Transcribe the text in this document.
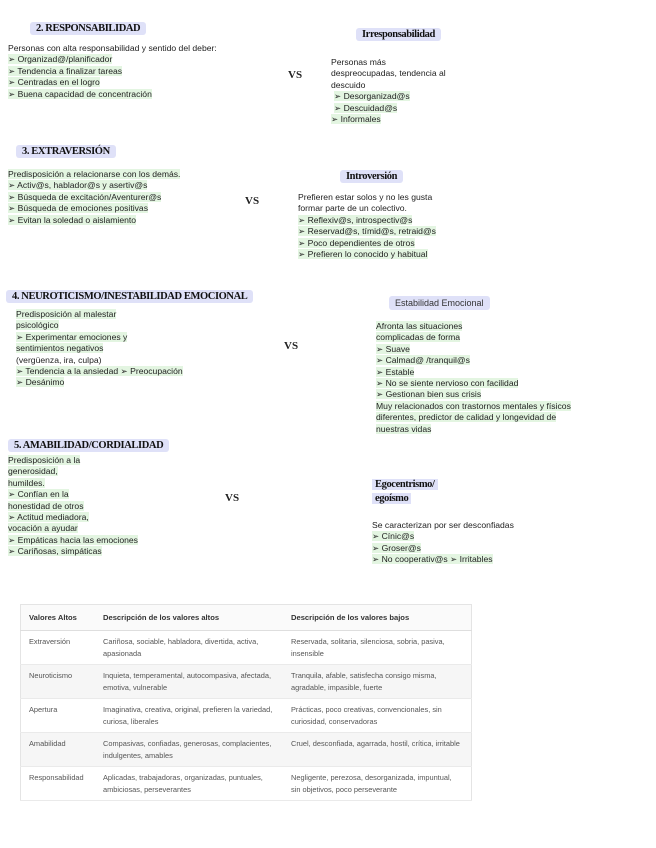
2. RESPONSABILIDAD
Personas con alta responsabilidad y sentido del deber:
➢ Organizad@/planificador
➢ Tendencia a finalizar tareas
➢ Centradas en el logro
➢ Buena capacidad de concentración
VS
Irresponsabilidad
Personas más
despreocupadas, tendencia al
descuido
➢ Desorganizad@s
➢ Descuidad@s
➢ Informales
3. EXTRAVERSIÓN
Predisposición a relacionarse con los demás.
➢ Activ@s, hablador@s y asertiv@s
➢ Búsqueda de excitación/Aventurer@s
➢ Búsqueda de emociones positivas
➢ Evitan la soledad o aislamiento
VS
Introversión
Prefieren estar solos y no les gusta
formar parte de un colectivo.
➢ Reflexiv@s, introspectiv@s
➢ Reservad@s, tímid@s, retraid@s
➢ Poco dependientes de otros
➢ Prefieren lo conocido y habitual
4. NEUROTICISMO/INESTABILIDAD EMOCIONAL
Predisposición al malestar
psicológico
➢ Experimentar emociones y
sentimientos negativos
(vergüenza, ira, culpa)
➢ Tendencia a la ansiedad ➢ Preocupación
➢ Desánimo
VS
Estabilidad Emocional
Afronta las situaciones
complicadas de forma
➢ Suave
➢ Calmad@ /tranquil@s
➢ Estable
➢ No se siente nervioso con facilidad
➢ Gestionan bien sus crisis
Muy relacionados con trastornos mentales y físicos
diferentes, predictor de calidad y longevidad de
nuestras vidas
5. AMABILIDAD/CORDIALIDAD
Predisposición a la
generosidad,
humildes.
➢ Confían en la
honestidad de otros
➢ Actitud mediadora,
vocación a ayudar
➢ Empáticas hacia las emociones
➢ Cariñosas, simpáticas
VS
Egocentrismo/
egoísmo
Se caracterizan por ser desconfiadas
➢ Cínic@s
➢ Groser@s
➢ No cooperativ@s ➢ Irritables
Valores Altos	Descripción de los valores altos	Descripción de los valores bajos
Extraversión	Cariñosa, sociable, habladora, divertida, activa, apasionada	Reservada, solitaria, silenciosa, sobria, pasiva, insensible
Neuroticismo	Inquieta, temperamental, autocompasiva, afectada, emotiva, vulnerable	Tranquila, afable, satisfecha consigo misma, agradable, impasible, fuerte
Apertura	Imaginativa, creativa, original, prefieren la variedad, curiosa, liberales	Prácticas, poco creativas, convencionales, sin curiosidad, conservadoras
Amabilidad	Compasivas, confiadas, generosas, complacientes, indulgentes, amables	Cruel, desconfiada, agarrada, hostil, crítica, irritable
Responsabilidad	Aplicadas, trabajadoras, organizadas, puntuales, ambiciosas, perseverantes	Negligente, perezosa, desorganizada, impuntual, sin objetivos, poco perseverante
